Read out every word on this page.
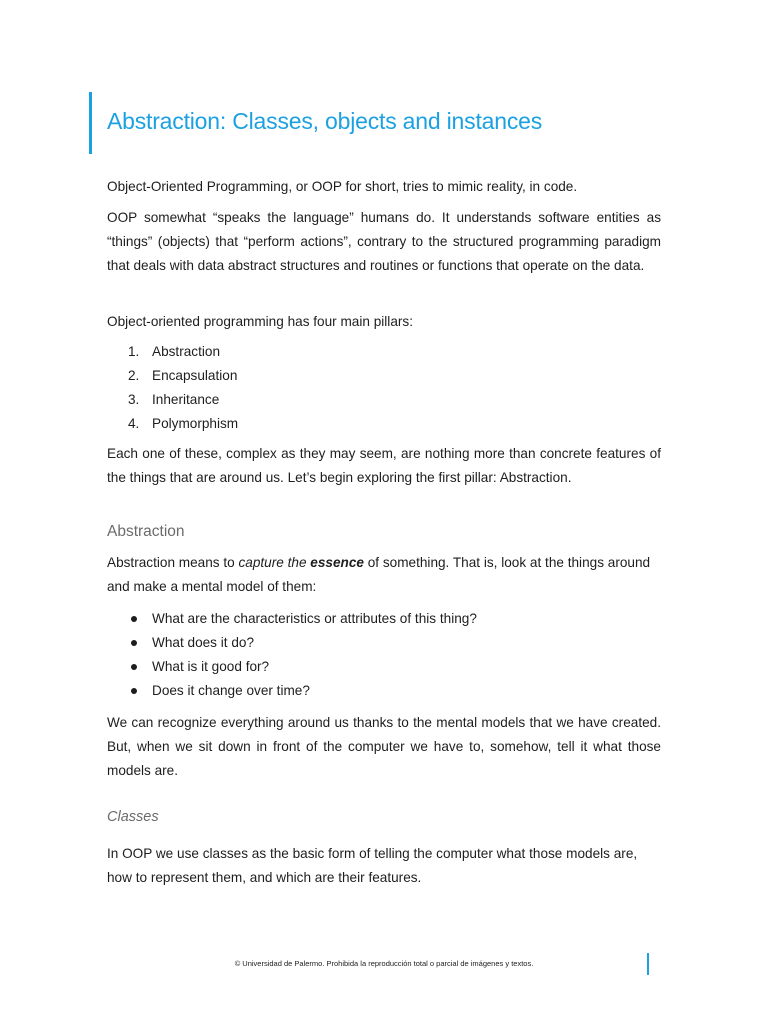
Abstraction: Classes, objects and instances

Object-Oriented Programming, or OOP for short, tries to mimic reality, in code.

OOP somewhat “speaks the language” humans do. It understands software entities as “things” (objects) that “perform actions”, contrary to the structured programming paradigm that deals with data abstract structures and routines or functions that operate on the data.

Object-oriented programming has four main pillars:

1. Abstraction
2. Encapsulation
3. Inheritance
4. Polymorphism

Each one of these, complex as they may seem, are nothing more than concrete features of the things that are around us. Let’s begin exploring the first pillar: Abstraction.

Abstraction

Abstraction means to capture the essence of something. That is, look at the things around and make a mental model of them:

What are the characteristics or attributes of this thing?
What does it do?
What is it good for?
Does it change over time?

We can recognize everything around us thanks to the mental models that we have created. But, when we sit down in front of the computer we have to, somehow, tell it what those models are.

Classes

In OOP we use classes as the basic form of telling the computer what those models are, how to represent them, and which are their features.

© Universidad de Palermo. Prohibida la reproducción total o parcial de imágenes y textos.
